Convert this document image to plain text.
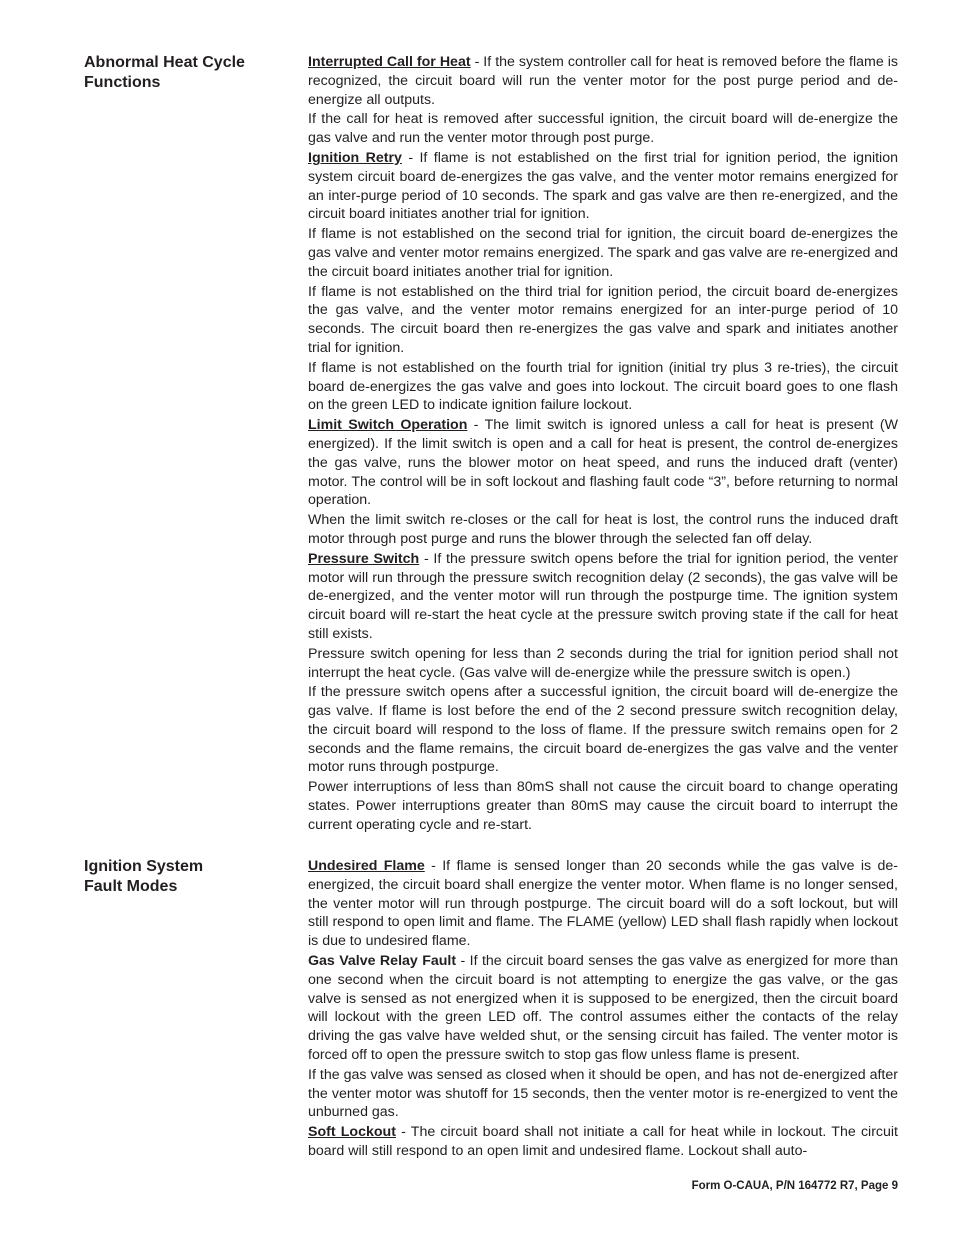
Abnormal Heat Cycle
Functions

Interrupted Call for Heat - If the system controller call for heat is removed before the flame is recognized, the circuit board will run the venter motor for the post purge period and de-energize all outputs.

If the call for heat is removed after successful ignition, the circuit board will de-energize the gas valve and run the venter motor through post purge.

Ignition Retry - If flame is not established on the first trial for ignition period, the ignition system circuit board de-energizes the gas valve, and the venter motor remains energized for an inter-purge period of 10 seconds. The spark and gas valve are then re-energized, and the circuit board initiates another trial for ignition.

If flame is not established on the second trial for ignition, the circuit board de-energizes the gas valve and venter motor remains energized. The spark and gas valve are re-energized and the circuit board initiates another trial for ignition.

If flame is not established on the third trial for ignition period, the circuit board de-energizes the gas valve, and the venter motor remains energized for an inter-purge period of 10 seconds. The circuit board then re-energizes the gas valve and spark and initiates another trial for ignition.

If flame is not established on the fourth trial for ignition (initial try plus 3 re-tries), the circuit board de-energizes the gas valve and goes into lockout. The circuit board goes to one flash on the green LED to indicate ignition failure lockout.

Limit Switch Operation - The limit switch is ignored unless a call for heat is present (W energized). If the limit switch is open and a call for heat is present, the control de-energizes the gas valve, runs the blower motor on heat speed, and runs the induced draft (venter) motor. The control will be in soft lockout and flashing fault code “3”, before returning to normal operation.

When the limit switch re-closes or the call for heat is lost, the control runs the induced draft motor through post purge and runs the blower through the selected fan off delay.

Pressure Switch - If the pressure switch opens before the trial for ignition period, the venter motor will run through the pressure switch recognition delay (2 seconds), the gas valve will be de-energized, and the venter motor will run through the postpurge time. The ignition system circuit board will re-start the heat cycle at the pressure switch proving state if the call for heat still exists.

Pressure switch opening for less than 2 seconds during the trial for ignition period shall not interrupt the heat cycle. (Gas valve will de-energize while the pressure switch is open.)

If the pressure switch opens after a successful ignition, the circuit board will de-energize the gas valve. If flame is lost before the end of the 2 second pressure switch recognition delay, the circuit board will respond to the loss of flame. If the pressure switch remains open for 2 seconds and the flame remains, the circuit board de-energizes the gas valve and the venter motor runs through postpurge.

Power interruptions of less than 80mS shall not cause the circuit board to change operating states. Power interruptions greater than 80mS may cause the circuit board to interrupt the current operating cycle and re-start.

Ignition System
Fault Modes

Undesired Flame - If flame is sensed longer than 20 seconds while the gas valve is de-energized, the circuit board shall energize the venter motor. When flame is no longer sensed, the venter motor will run through postpurge. The circuit board will do a soft lockout, but will still respond to open limit and flame. The FLAME (yellow) LED shall flash rapidly when lockout is due to undesired flame.

Gas Valve Relay Fault - If the circuit board senses the gas valve as energized for more than one second when the circuit board is not attempting to energize the gas valve, or the gas valve is sensed as not energized when it is supposed to be energized, then the circuit board will lockout with the green LED off. The control assumes either the contacts of the relay driving the gas valve have welded shut, or the sensing circuit has failed. The venter motor is forced off to open the pressure switch to stop gas flow unless flame is present.

If the gas valve was sensed as closed when it should be open, and has not de-energized after the venter motor was shutoff for 15 seconds, then the venter motor is re-energized to vent the unburned gas.

Soft Lockout - The circuit board shall not initiate a call for heat while in lockout. The circuit board will still respond to an open limit and undesired flame. Lockout shall auto-

Form O-CAUA, P/N 164772 R7, Page 9
